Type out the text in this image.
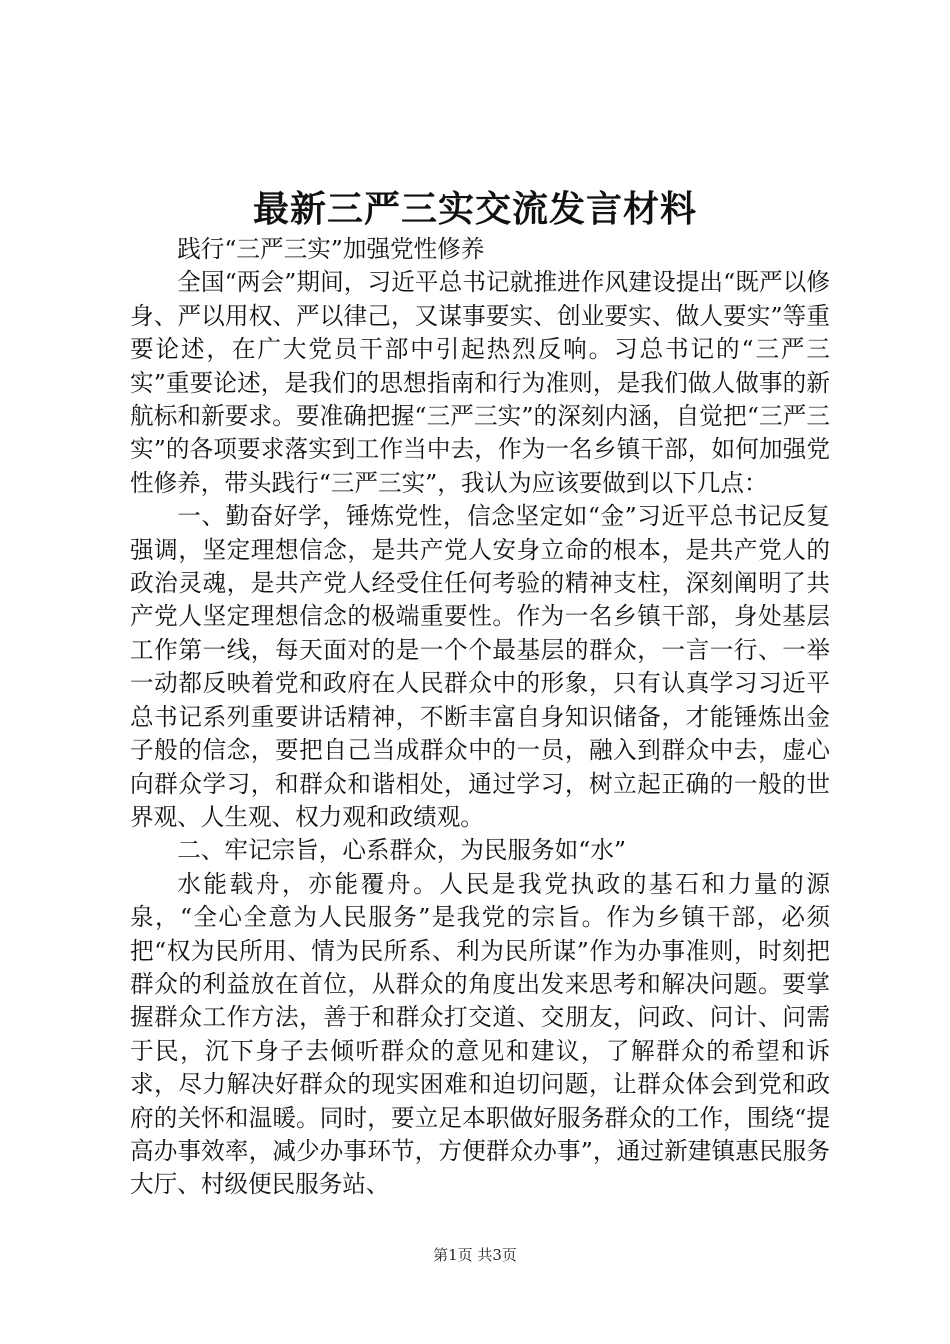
最新三严三实交流发言材料

践行“三严三实”加强党性修养

全国“两会”期间，习近平总书记就推进作风建设提出“既严以修身、严以用权、严以律己，又谋事要实、创业要实、做人要实”等重要论述，在广大党员干部中引起热烈反响。习总书记的“三严三实”重要论述，是我们的思想指南和行为准则，是我们做人做事的新航标和新要求。要准确把握“三严三实”的深刻内涵，自觉把“三严三实”的各项要求落实到工作当中去，作为一名乡镇干部，如何加强党性修养，带头践行“三严三实”，我认为应该要做到以下几点：

一、勤奋好学，锤炼党性，信念坚定如“金”习近平总书记反复强调，坚定理想信念，是共产党人安身立命的根本，是共产党人的政治灵魂，是共产党人经受住任何考验的精神支柱，深刻阐明了共产党人坚定理想信念的极端重要性。作为一名乡镇干部，身处基层工作第一线，每天面对的是一个个最基层的群众，一言一行、一举一动都反映着党和政府在人民群众中的形象，只有认真学习习近平总书记系列重要讲话精神，不断丰富自身知识储备，才能锤炼出金子般的信念，要把自己当成群众中的一员，融入到群众中去，虚心向群众学习，和群众和谐相处，通过学习，树立起正确的一般的世界观、人生观、权力观和政绩观。

二、牢记宗旨，心系群众，为民服务如“水”

水能载舟，亦能覆舟。人民是我党执政的基石和力量的源泉，“全心全意为人民服务”是我党的宗旨。作为乡镇干部，必须把“权为民所用、情为民所系、利为民所谋”作为办事准则，时刻把群众的利益放在首位，从群众的角度出发来思考和解决问题。要掌握群众工作方法，善于和群众打交道、交朋友，问政、问计、问需于民，沉下身子去倾听群众的意见和建议，了解群众的希望和诉求，尽力解决好群众的现实困难和迫切问题，让群众体会到党和政府的关怀和温暖。同时，要立足本职做好服务群众的工作，围绕“提高办事效率，减少办事环节，方便群众办事”，通过新建镇惠民服务大厅、村级便民服务站、

第1页 共3页
